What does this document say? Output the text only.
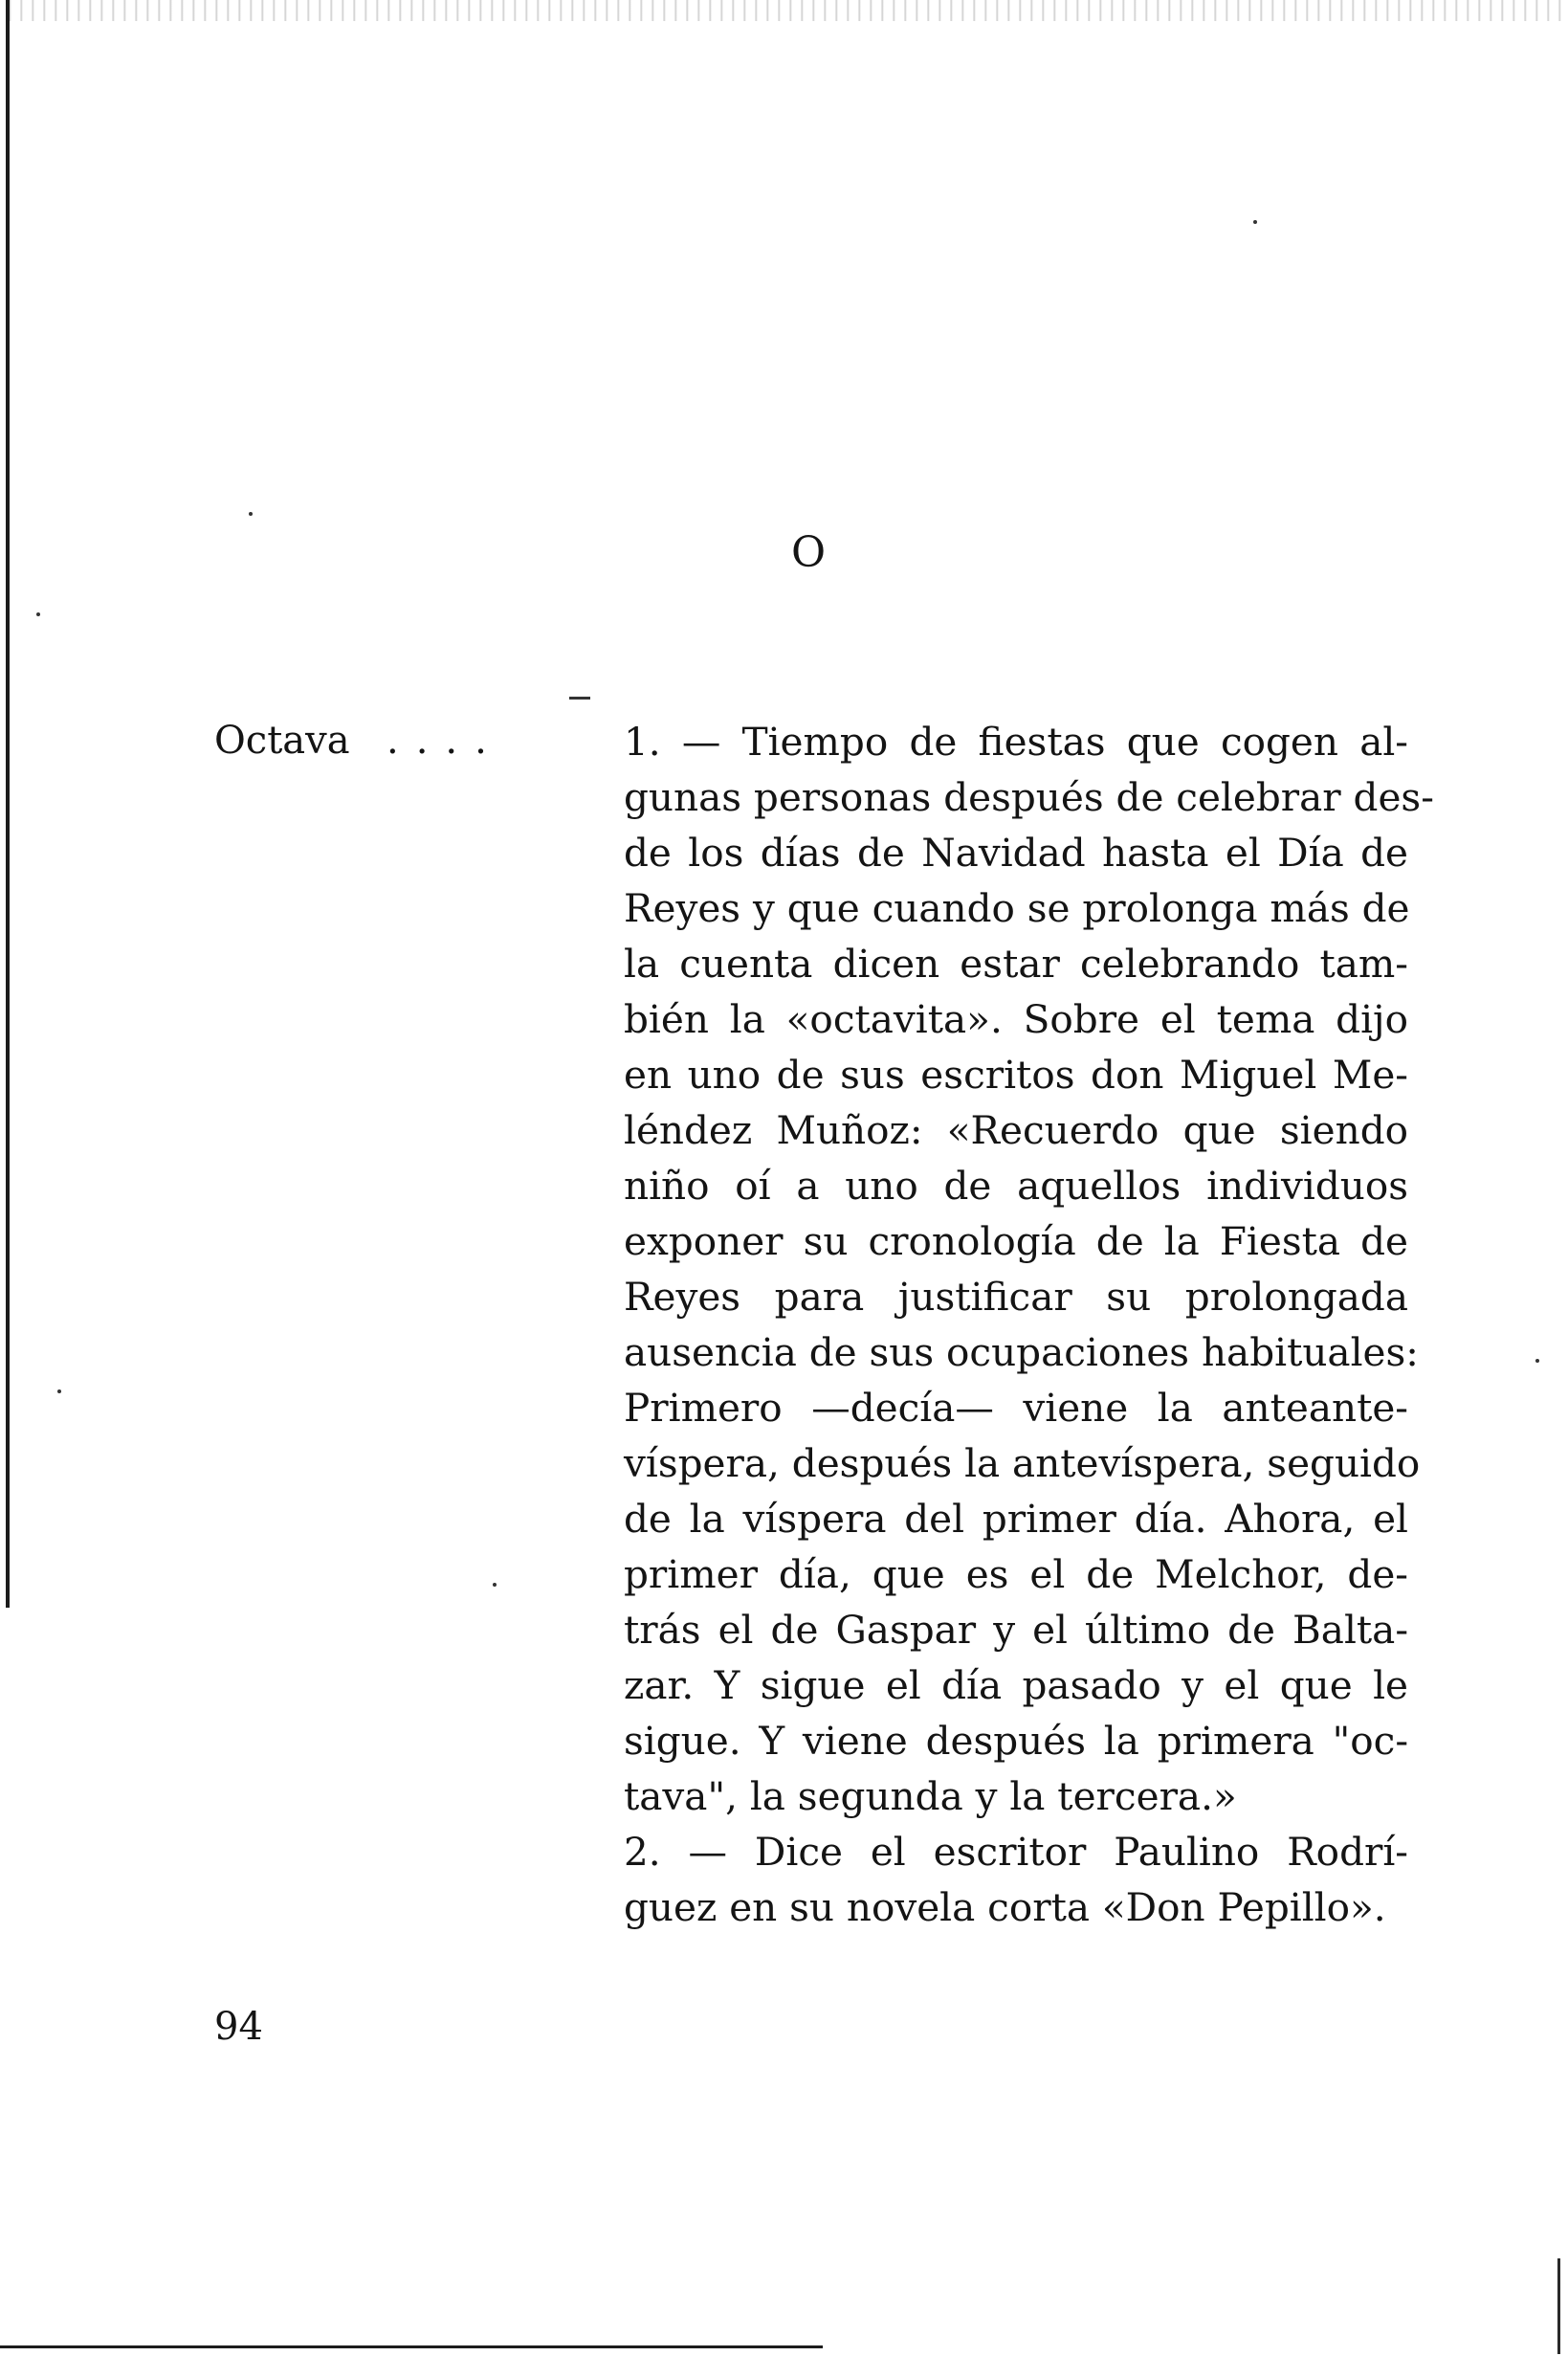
O
Octava ....	1. — Tiempo de fiestas que cogen al-
gunas personas después de celebrar des-
de los días de Navidad hasta el Día de
Reyes y que cuando se prolonga más de
la cuenta dicen estar celebrando tam-
bién la «octavita». Sobre el tema dijo
en uno de sus escritos don Miguel Me-
léndez Muñoz: «Recuerdo que siendo
niño oí a uno de aquellos individuos
exponer su cronología de la Fiesta de
Reyes para justificar su prolongada
ausencia de sus ocupaciones habituales:
Primero —decía— viene la anteante-
víspera, después la antevíspera, seguido
de la víspera del primer día. Ahora, el
primer día, que es el de Melchor, de-
trás el de Gaspar y el último de Balta-
zar. Y sigue el día pasado y el que le
sigue. Y viene después la primera "oc-
tava", la segunda y la tercera.»
2. — Dice el escritor Paulino Rodrí-
guez en su novela corta «Don Pepillo».
94
